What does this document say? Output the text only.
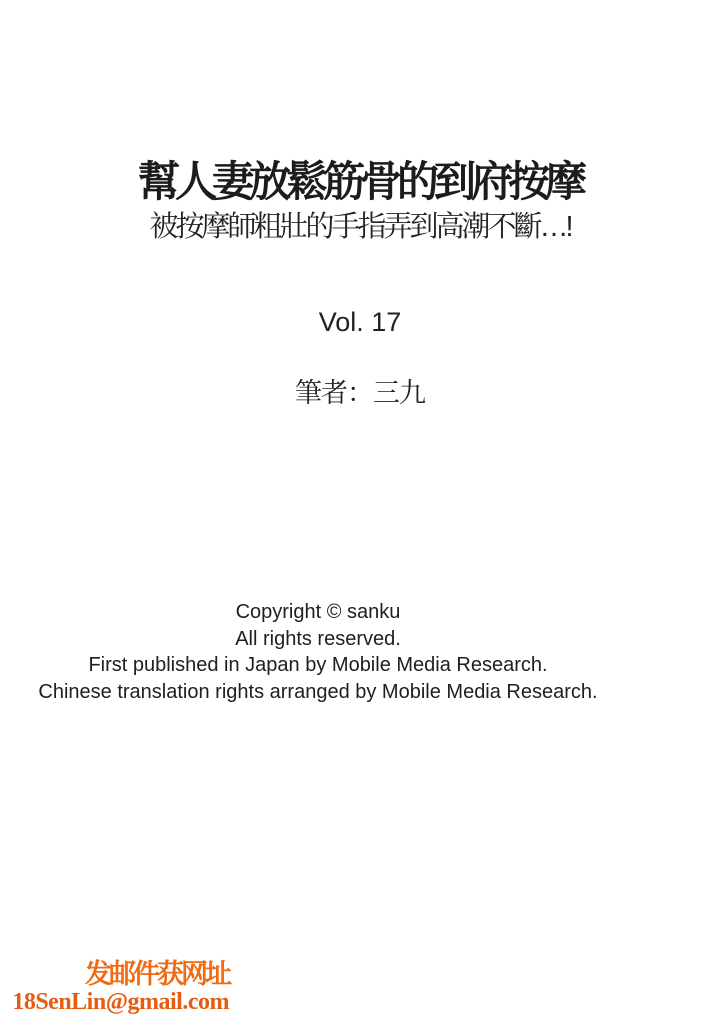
幫人妻放鬆筋骨的到府按摩
被按摩師粗壯的手指弄到高潮不斷…!
Vol. 17
筆者：三九
Copyright © sanku
All rights reserved.
First published in Japan by Mobile Media Research.
Chinese translation rights arranged by Mobile Media Research.
发邮件获网址
18SenLin@gmail.com
